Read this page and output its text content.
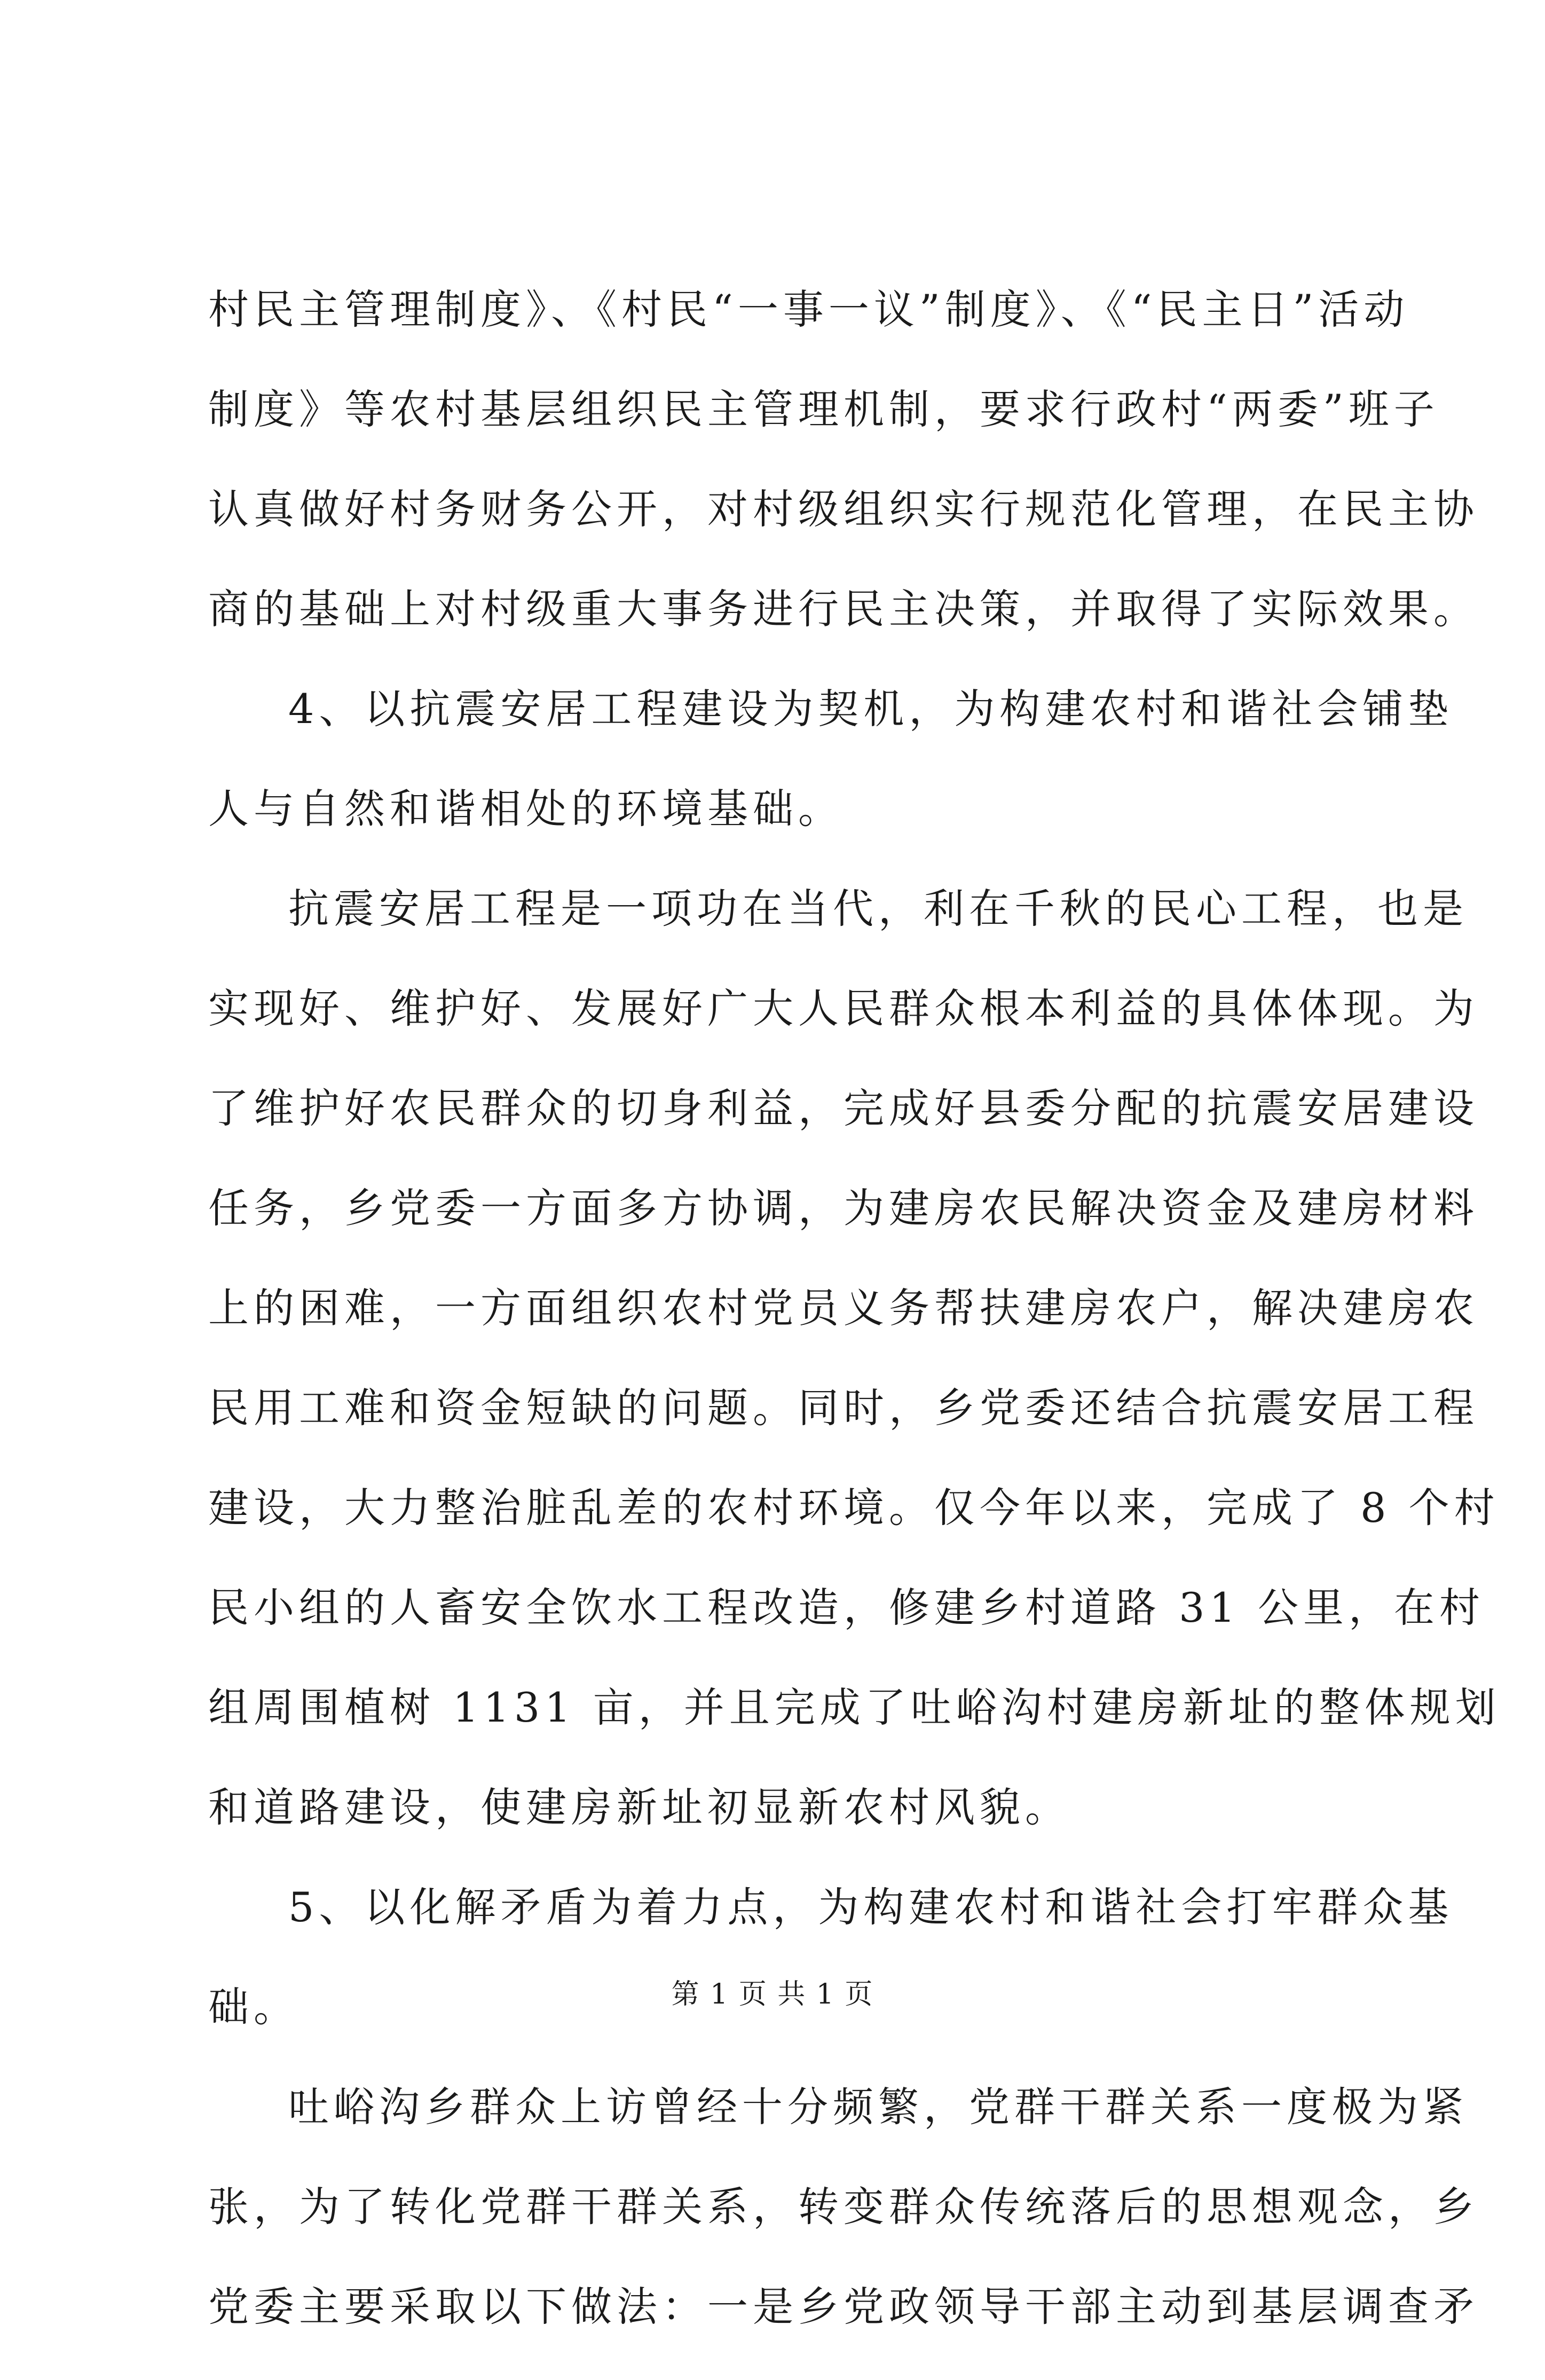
村民主管理制度》、《村民“一事一议”制度》、《“民主日”活动
制度》等农村基层组织民主管理机制，要求行政村“两委”班子
认真做好村务财务公开，对村级组织实行规范化管理，在民主协
商的基础上对村级重大事务进行民主决策，并取得了实际效果。
4、以抗震安居工程建设为契机，为构建农村和谐社会铺垫
人与自然和谐相处的环境基础。
抗震安居工程是一项功在当代，利在千秋的民心工程，也是
实现好、维护好、发展好广大人民群众根本利益的具体体现。为
了维护好农民群众的切身利益，完成好县委分配的抗震安居建设
任务，乡党委一方面多方协调，为建房农民解决资金及建房材料
上的困难，一方面组织农村党员义务帮扶建房农户，解决建房农
民用工难和资金短缺的问题。同时，乡党委还结合抗震安居工程
建设，大力整治脏乱差的农村环境。仅今年以来，完成了 8 个村
民小组的人畜安全饮水工程改造，修建乡村道路 31 公里，在村
组周围植树 1131 亩，并且完成了吐峪沟村建房新址的整体规划
和道路建设，使建房新址初显新农村风貌。
5、以化解矛盾为着力点，为构建农村和谐社会打牢群众基
础。
吐峪沟乡群众上访曾经十分频繁，党群干群关系一度极为紧
张，为了转化党群干群关系，转变群众传统落后的思想观念，乡
党委主要采取以下做法：一是乡党政领导干部主动到基层调查矛
第 1 页 共 1 页
